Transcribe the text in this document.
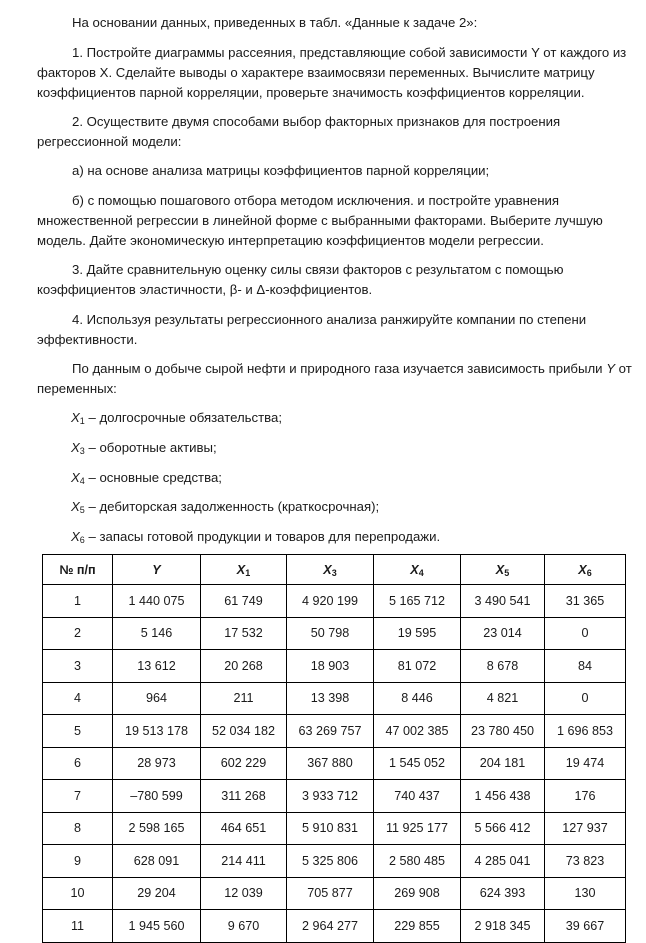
На основании данных, приведенных в табл. «Данные к задаче 2»:

1. Постройте диаграммы рассеяния, представляющие собой зависимости Y от каждого из факторов X. Сделайте выводы о характере взаимосвязи переменных. Вычислите матрицу коэффициентов парной корреляции, проверьте значимость коэффициентов корреляции.

2. Осуществите двумя способами выбор факторных признаков для построения регрессионной модели:

а) на основе анализа матрицы коэффициентов парной корреляции;

б) с помощью пошагового отбора методом исключения. и постройте уравнения множественной регрессии в линейной форме с выбранными факторами. Выберите лучшую модель. Дайте экономическую интерпретацию коэффициентов модели регрессии.

3. Дайте сравнительную оценку силы связи факторов с результатом с помощью коэффициентов эластичности, β- и Δ-коэффициентов.

4. Используя результаты регрессионного анализа ранжируйте компании по степени эффективности.

По данным о добыче сырой нефти и природного газа изучается зависимость прибыли Y от переменных:

$X_1$ – долгосрочные обязательства;

$X_3$ – оборотные активы;

$X_4$ – основные средства;

$X_5$ – дебиторская задолженность (краткосрочная);

$X_6$ – запасы готовой продукции и товаров для перепродажи.

№ п/п	Y	$X_1$	$X_3$	$X_4$	$X_5$	$X_6$
1	1 440 075	61 749	4 920 199	5 165 712	3 490 541	31 365
2	5 146	17 532	50 798	19 595	23 014	0
3	13 612	20 268	18 903	81 072	8 678	84
4	964	211	13 398	8 446	4 821	0
5	19 513 178	52 034 182	63 269 757	47 002 385	23 780 450	1 696 853
6	28 973	602 229	367 880	1 545 052	204 181	19 474
7	–780 599	311 268	3 933 712	740 437	1 456 438	176
8	2 598 165	464 651	5 910 831	11 925 177	5 566 412	127 937
9	628 091	214 411	5 325 806	2 580 485	4 285 041	73 823
10	29 204	12 039	705 877	269 908	624 393	130
11	1 945 560	9 670	2 964 277	229 855	2 918 345	39 667
